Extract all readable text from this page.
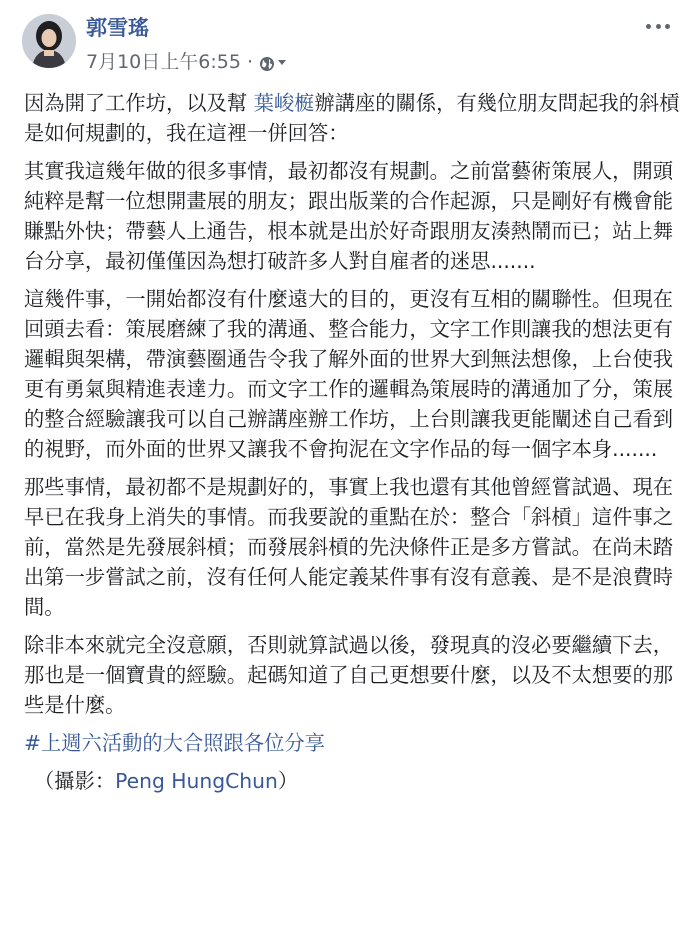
郭雪瑤
7月10日上午6:55 ·

因為開了工作坊，以及幫 葉峻榳辦講座的關係，有幾位朋友問起我的斜槓是如何規劃的，我在這裡一併回答：

其實我這幾年做的很多事情，最初都沒有規劃。之前當藝術策展人，開頭純粹是幫一位想開畫展的朋友；跟出版業的合作起源，只是剛好有機會能賺點外快；帶藝人上通告，根本就是出於好奇跟朋友湊熱鬧而已；站上舞台分享，最初僅僅因為想打破許多人對自雇者的迷思.......

這幾件事，一開始都沒有什麼遠大的目的，更沒有互相的關聯性。但現在回頭去看：策展磨練了我的溝通、整合能力，文字工作則讓我的想法更有邏輯與架構，帶演藝圈通告令我了解外面的世界大到無法想像，上台使我更有勇氣與精進表達力。而文字工作的邏輯為策展時的溝通加了分，策展的整合經驗讓我可以自己辦講座辦工作坊，上台則讓我更能闡述自己看到的視野，而外面的世界又讓我不會拘泥在文字作品的每一個字本身.......

那些事情，最初都不是規劃好的，事實上我也還有其他曾經嘗試過、現在早已在我身上消失的事情。而我要說的重點在於：整合「斜槓」這件事之前，當然是先發展斜槓；而發展斜槓的先決條件正是多方嘗試。在尚未踏出第一步嘗試之前，沒有任何人能定義某件事有沒有意義、是不是浪費時間。

除非本來就完全沒意願，否則就算試過以後，發現真的沒必要繼續下去，那也是一個寶貴的經驗。起碼知道了自己更想要什麼，以及不太想要的那些是什麼。

#上週六活動的大合照跟各位分享

（攝影：Peng HungChun）
